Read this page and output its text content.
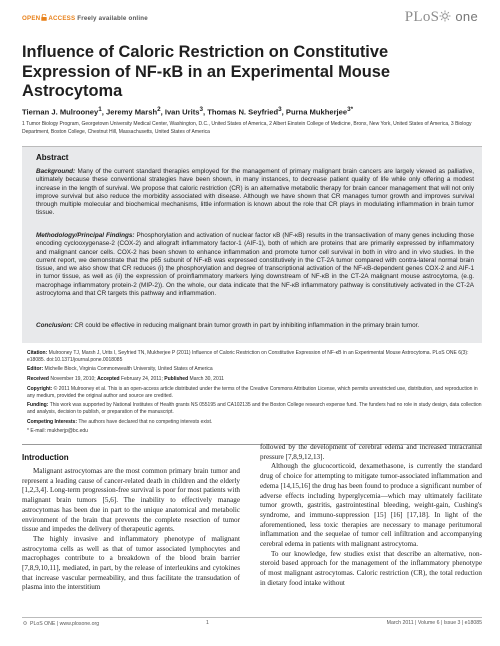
OPEN ACCESS Freely available online	PLoS one
Influence of Caloric Restriction on Constitutive Expression of NF-κB in an Experimental Mouse Astrocytoma
Tiernan J. Mulrooney$^1$, Jeremy Marsh$^2$, Ivan Urits$^3$, Thomas N. Seyfried$^3$, Purna Mukherjee$^{3*}$
1 Tumor Biology Program, Georgetown University Medical Center, Washington, D.C., United States of America, 2 Albert Einstein College of Medicine, Bronx, New York, United States of America, 3 Biology Department, Boston College, Chestnut Hill, Massachusetts, United States of America
Abstract
Background: Many of the current standard therapies employed for the management of primary malignant brain cancers are largely viewed as palliative, ultimately because these conventional strategies have been shown, in many instances, to decrease patient quality of life while only offering a modest increase in the length of survival. We propose that caloric restriction (CR) is an alternative metabolic therapy for brain cancer management that will not only improve survival but also reduce the morbidity associated with disease. Although we have shown that CR manages tumor growth and improves survival through multiple molecular and biochemical mechanisms, little information is known about the role that CR plays in modulating inflammation in brain tumor tissue.
Methodology/Principal Findings: Phosphorylation and activation of nuclear factor κB (NF-κB) results in the transactivation of many genes including those encoding cyclooxygenase-2 (COX-2) and allograft inflammatory factor-1 (AIF-1), both of which are proteins that are primarily expressed by inflammatory and malignant cancer cells. COX-2 has been shown to enhance inflammation and promote tumor cell survival in both in vitro and in vivo studies. In the current report, we demonstrate that the p65 subunit of NF-κB was expressed constitutively in the CT-2A tumor compared with contra-lateral normal brain tissue, and we also show that CR reduces (i) the phosphorylation and degree of transcriptional activation of the NF-κB-dependent genes COX-2 and AIF-1 in tumor tissue, as well as (ii) the expression of proinflammatory markers lying downstream of NF-κB in the CT-2A malignant mouse astrocytoma, (e.g. macrophage inflammatory protein-2 (MIP-2)). On the whole, our data indicate that the NF-κB inflammatory pathway is constitutively activated in the CT-2A astrocytoma and that CR targets this pathway and inflammation.
Conclusion: CR could be effective in reducing malignant brain tumor growth in part by inhibiting inflammation in the primary brain tumor.

Citation: Mulrooney TJ, Marsh J, Urits I, Seyfried TN, Mukherjee P (2011) Influence of Caloric Restriction on Constitutive Expression of NF-κB in an Experimental Mouse Astrocytoma. PLoS ONE 6(3): e18085. doi:10.1371/journal.pone.0018085

Editor: Michelle Block, Virginia Commonwealth University, United States of America

Received November 19, 2010; Accepted February 24, 2011; Published March 30, 2011

Copyright: © 2011 Mulrooney et al. This is an open-access article distributed under the terms of the Creative Commons Attribution License, which permits unrestricted use, distribution, and reproduction in any medium, provided the original author and source are credited.

Funding: This work was supported by National Institutes of Health grants NS 055195 and CA102135 and the Boston College research expense fund. The funders had no role in study design, data collection and analysis, decision to publish, or preparation of the manuscript.

Competing Interests: The authors have declared that no competing interests exist.

* E-mail: mukherjp@bc.edu

Introduction

Malignant astrocytomas are the most common primary brain tumor and represent a leading cause of cancer-related death in children and the elderly [1,2,3,4]. Long-term progression-free survival is poor for most patients with malignant brain tumors [5,6]. The inability to effectively manage astrocytomas has been due in part to the unique anatomical and metabolic environment of the brain that prevents the complete resection of tumor tissue and impedes the delivery of therapeutic agents.

The highly invasive and inflammatory phenotype of malignant astrocytoma cells as well as that of tumor associated lymphocytes and macrophages contribute to a breakdown of the blood brain barrier [7,8,9,10,11], mediated, in part, by the release of interleukins and cytokines that increase vascular permeability, and thus facilitate the transudation of plasma into the interstitium

followed by the development of cerebral edema and increased intracranial pressure [7,8,9,12,13].

Although the glucocorticoid, dexamethasone, is currently the standard drug of choice for attempting to mitigate tumor-associated inflammation and edema [14,15,16] the drug has been found to produce a significant number of adverse effects including hyperglycemia—which may ultimately facilitate tumor growth, gastritis, gastrointestinal bleeding, weight-gain, Cushing's syndrome, and immuno-suppression [15] [16] [17,18]. In light of the aforementioned, less toxic therapies are necessary to manage peritumoral inflammation and the sequelae of tumor cell infiltration and accompanying cerebral edema in patients with malignant astrocytoma.

To our knowledge, few studies exist that describe an alternative, non-steroid based approach for the management of the inflammatory phenotype of most malignant astrocytomas. Caloric restriction (CR), the total reduction in dietary food intake without

PLoS ONE | www.plosone.org	1	March 2011 | Volume 6 | Issue 3 | e18085
